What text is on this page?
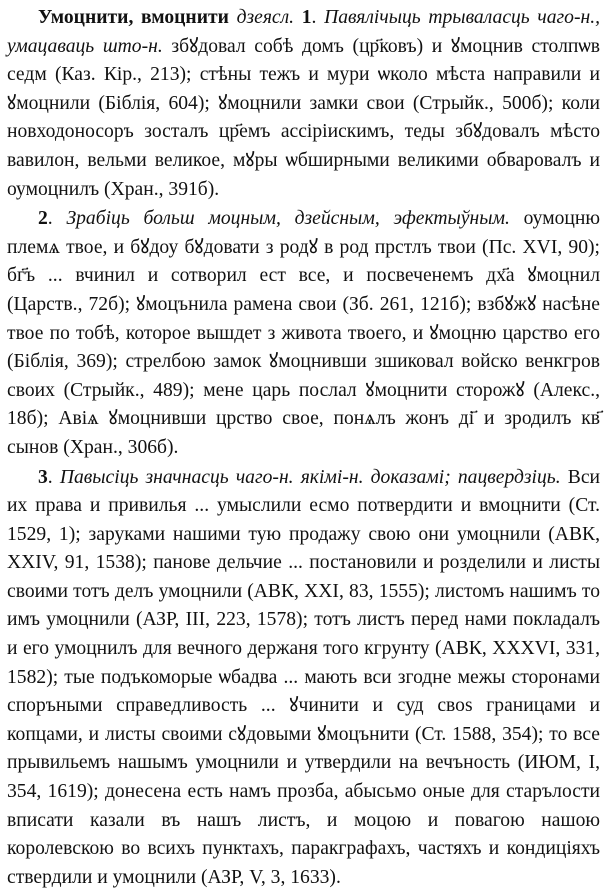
Умоцнити, вмоцнити дзеясл. 1. Павялічыць трываласць чаго-н., умацаваць што-н. збꙋдовал собѣ домъ (цр҃ковъ) и ꙋмоцнив столпѡв седм (Каз. Кір., 213); стѣны тежъ и мури ѡколо мѣста направили и ꙋмоцнили (Біблія, 604); ꙋмоцнили замки свои (Стрыйк., 500б); коли новходоносоръ зосталъ цр҃емъ ассірiискимъ, теды збꙋдовалъ мѣсто вавилон, вельми великое, мꙋры ѡбширными великими обваровалъ и оумоцнилъ (Хран., 391б).

2. Зрабіць больш моцным, дзейсным, эфектыўным. оумоцню племѧ твое, и бꙋдоу бꙋдовати з родꙋ в род прстлъ твои (Пс. XVI, 90); бг҃ъ ... вчинил и сотворил ест все, и посвеченемъ дх҃а ꙋмоцнил (Царств., 72б); ꙋмоцънила рамена свои (Зб. 261, 121б); взбꙋжꙋ насѣне твое по тобѣ, которое вышдет з живота твоего, и ꙋмоцню царство его (Біблія, 369); стрелбою замок ꙋмоцнивши зшиковал войско венкгров своих (Стрыйк., 489); мене царь послал ꙋмоцнити сторожꙋ (Алекс., 18б); Авіѧ ꙋмоцнивши црство свое, понѧлъ жонъ ді҃ и зродилъ кв҃ сынов (Хран., 306б).

3. Павысіць значнасць чаго-н. якімі-н. доказамі; пацвердзіць. Вси их права и привилья ... умыслили есмо потвердити и вмоцнити (Ст. 1529, 1); заруками нашими тую продажу свою они умоцнили (АВК, XXIV, 91, 1538); панове дельчие ... постановили и розделили и листы своими тотъ делъ умоцнили (АВК, XXI, 83, 1555); листомъ нашимъ то имъ умоцнили (АЗР, III, 223, 1578); тотъ листъ перед нами покладалъ и его умоцнилъ для вечного держаня того кгрунту (АВК, XXXVI, 331, 1582); тые подъкоморые ѡбадва ... мають вси згодне межы сторонами споръными справедливость ... ꙋчинити и суд своѕ границами и копцами, и листы своими сꙋдовыми ꙋмоцънити (Ст. 1588, 354); то все прывильемъ нашымъ умоцнили и утвердили на вечъность (ИЮМ, I, 354, 1619); донесена есть намъ прозба, абысьмо оные для старълости вписати казали въ нашъ листъ, и моцою и повагою нашою королевскою во всихъ пунктахъ, паракграфахъ, частяхъ и кондиціяхъ ствердили и умоцнили (АЗР, V, 3, 1633).
